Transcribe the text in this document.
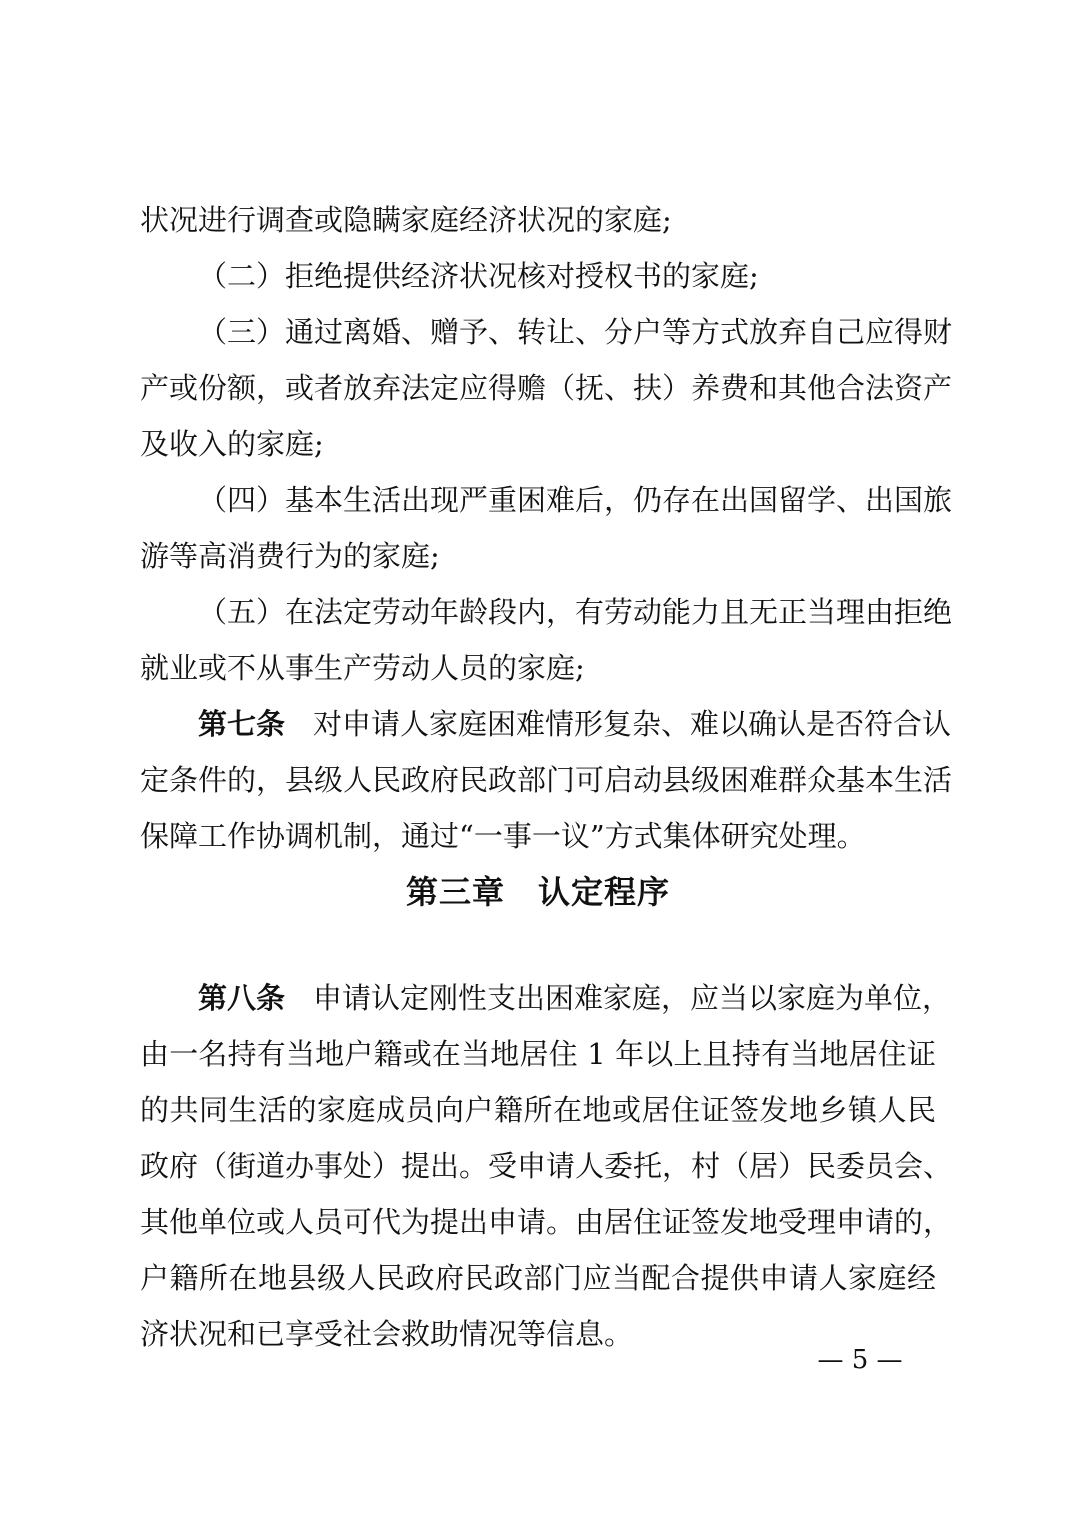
状况进行调查或隐瞒家庭经济状况的家庭;

（二）拒绝提供经济状况核对授权书的家庭;

（三）通过离婚、赠予、转让、分户等方式放弃自己应得财

产或份额，或者放弃法定应得赡（抚、扶）养费和其他合法资产

及收入的家庭;

（四）基本生活出现严重困难后，仍存在出国留学、出国旅

游等高消费行为的家庭;

（五）在法定劳动年龄段内，有劳动能力且无正当理由拒绝

就业或不从事生产劳动人员的家庭;

第七条 对申请人家庭困难情形复杂、难以确认是否符合认

定条件的，县级人民政府民政部门可启动县级困难群众基本生活

保障工作协调机制，通过“一事一议”方式集体研究处理。

第三章　认定程序

第八条 申请认定刚性支出困难家庭，应当以家庭为单位，

由一名持有当地户籍或在当地居住 1 年以上且持有当地居住证

的共同生活的家庭成员向户籍所在地或居住证签发地乡镇人民

政府（街道办事处）提出。受申请人委托，村（居）民委员会、

其他单位或人员可代为提出申请。由居住证签发地受理申请的，

户籍所在地县级人民政府民政部门应当配合提供申请人家庭经

济状况和已享受社会救助情况等信息。

— 5 —
